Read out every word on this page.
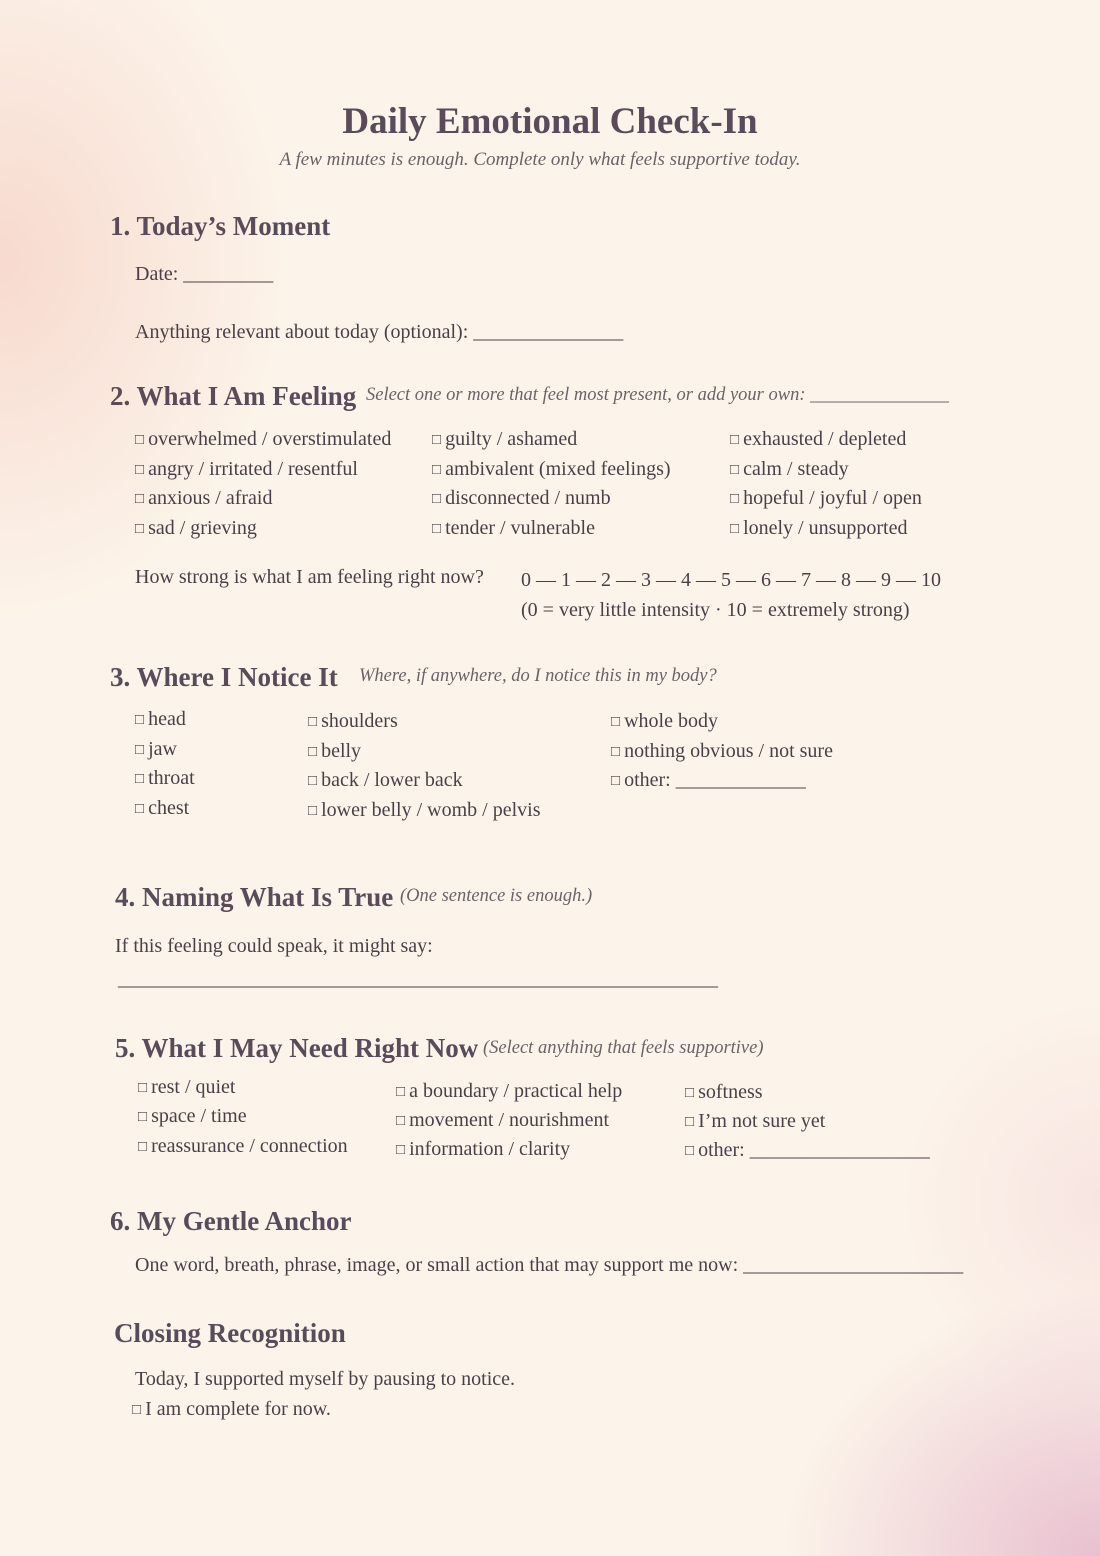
Daily Emotional Check-In
A few minutes is enough. Complete only what feels supportive today.
1. Today’s Moment
Date: _________
Anything relevant about today (optional): _______________
2. What I Am Feeling Select one or more that feel most present, or add your own: _______________
□ overwhelmed / overstimulated
□ angry / irritated / resentful
□ anxious / afraid
□ sad / grieving
□ guilty / ashamed
□ ambivalent (mixed feelings)
□ disconnected / numb
□ tender / vulnerable
□ exhausted / depleted
□ calm / steady
□ hopeful / joyful / open
□ lonely / unsupported
How strong is what I am feeling right now? 0 — 1 — 2 — 3 — 4 — 5 — 6 — 7 — 8 — 9 — 10
(0 = very little intensity · 10 = extremely strong)
3. Where I Notice It Where, if anywhere, do I notice this in my body?
□ head
□ jaw
□ throat
□ chest
□ shoulders
□ belly
□ back / lower back
□ lower belly / womb / pelvis
□ whole body
□ nothing obvious / not sure
□ other: _____________
4. Naming What Is True (One sentence is enough.)
If this feeling could speak, it might say:
____________________________________________________________
5. What I May Need Right Now (Select anything that feels supportive)
□ rest / quiet
□ space / time
□ reassurance / connection
□ a boundary / practical help
□ movement / nourishment
□ information / clarity
□ softness
□ I’m not sure yet
□ other: __________________
6. My Gentle Anchor
One word, breath, phrase, image, or small action that may support me now: ______________________
Closing Recognition
Today, I supported myself by pausing to notice.
□ I am complete for now.
